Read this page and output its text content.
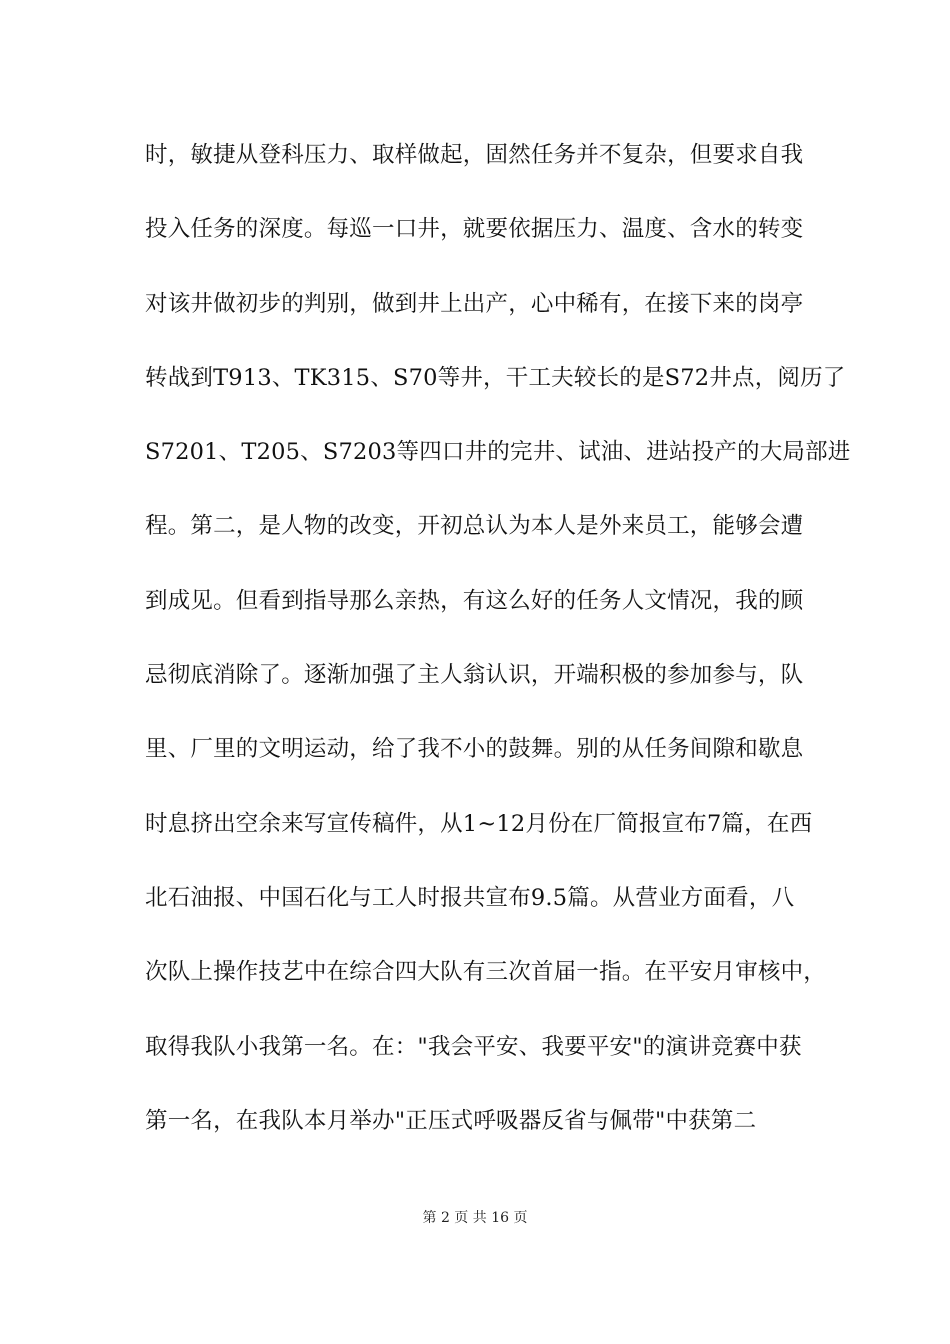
时，敏捷从登科压力、取样做起，固然任务并不复杂，但要求自我
投入任务的深度。每巡一口井，就要依据压力、温度、含水的转变
对该井做初步的判别，做到井上出产，心中稀有，在接下来的岗亭
转战到T913、TK315、S70等井，干工夫较长的是S72井点，阅历了
S7201、T205、S7203等四口井的完井、试油、进站投产的大局部进
程。第二，是人物的改变，开初总认为本人是外来员工，能够会遭
到成见。但看到指导那么亲热，有这么好的任务人文情况，我的顾
忌彻底消除了。逐渐加强了主人翁认识，开端积极的参加参与，队
里、厂里的文明运动，给了我不小的鼓舞。别的从任务间隙和歇息
时息挤出空余来写宣传稿件，从1~12月份在厂简报宣布7篇，在西
北石油报、中国石化与工人时报共宣布9.5篇。从营业方面看，八
次队上操作技艺中在综合四大队有三次首届一指。在平安月审核中，
取得我队小我第一名。在："我会平安、我要平安"的演讲竞赛中获
第一名，在我队本月举办"正压式呼吸器反省与佩带"中获第二
第 2 页 共 16 页
